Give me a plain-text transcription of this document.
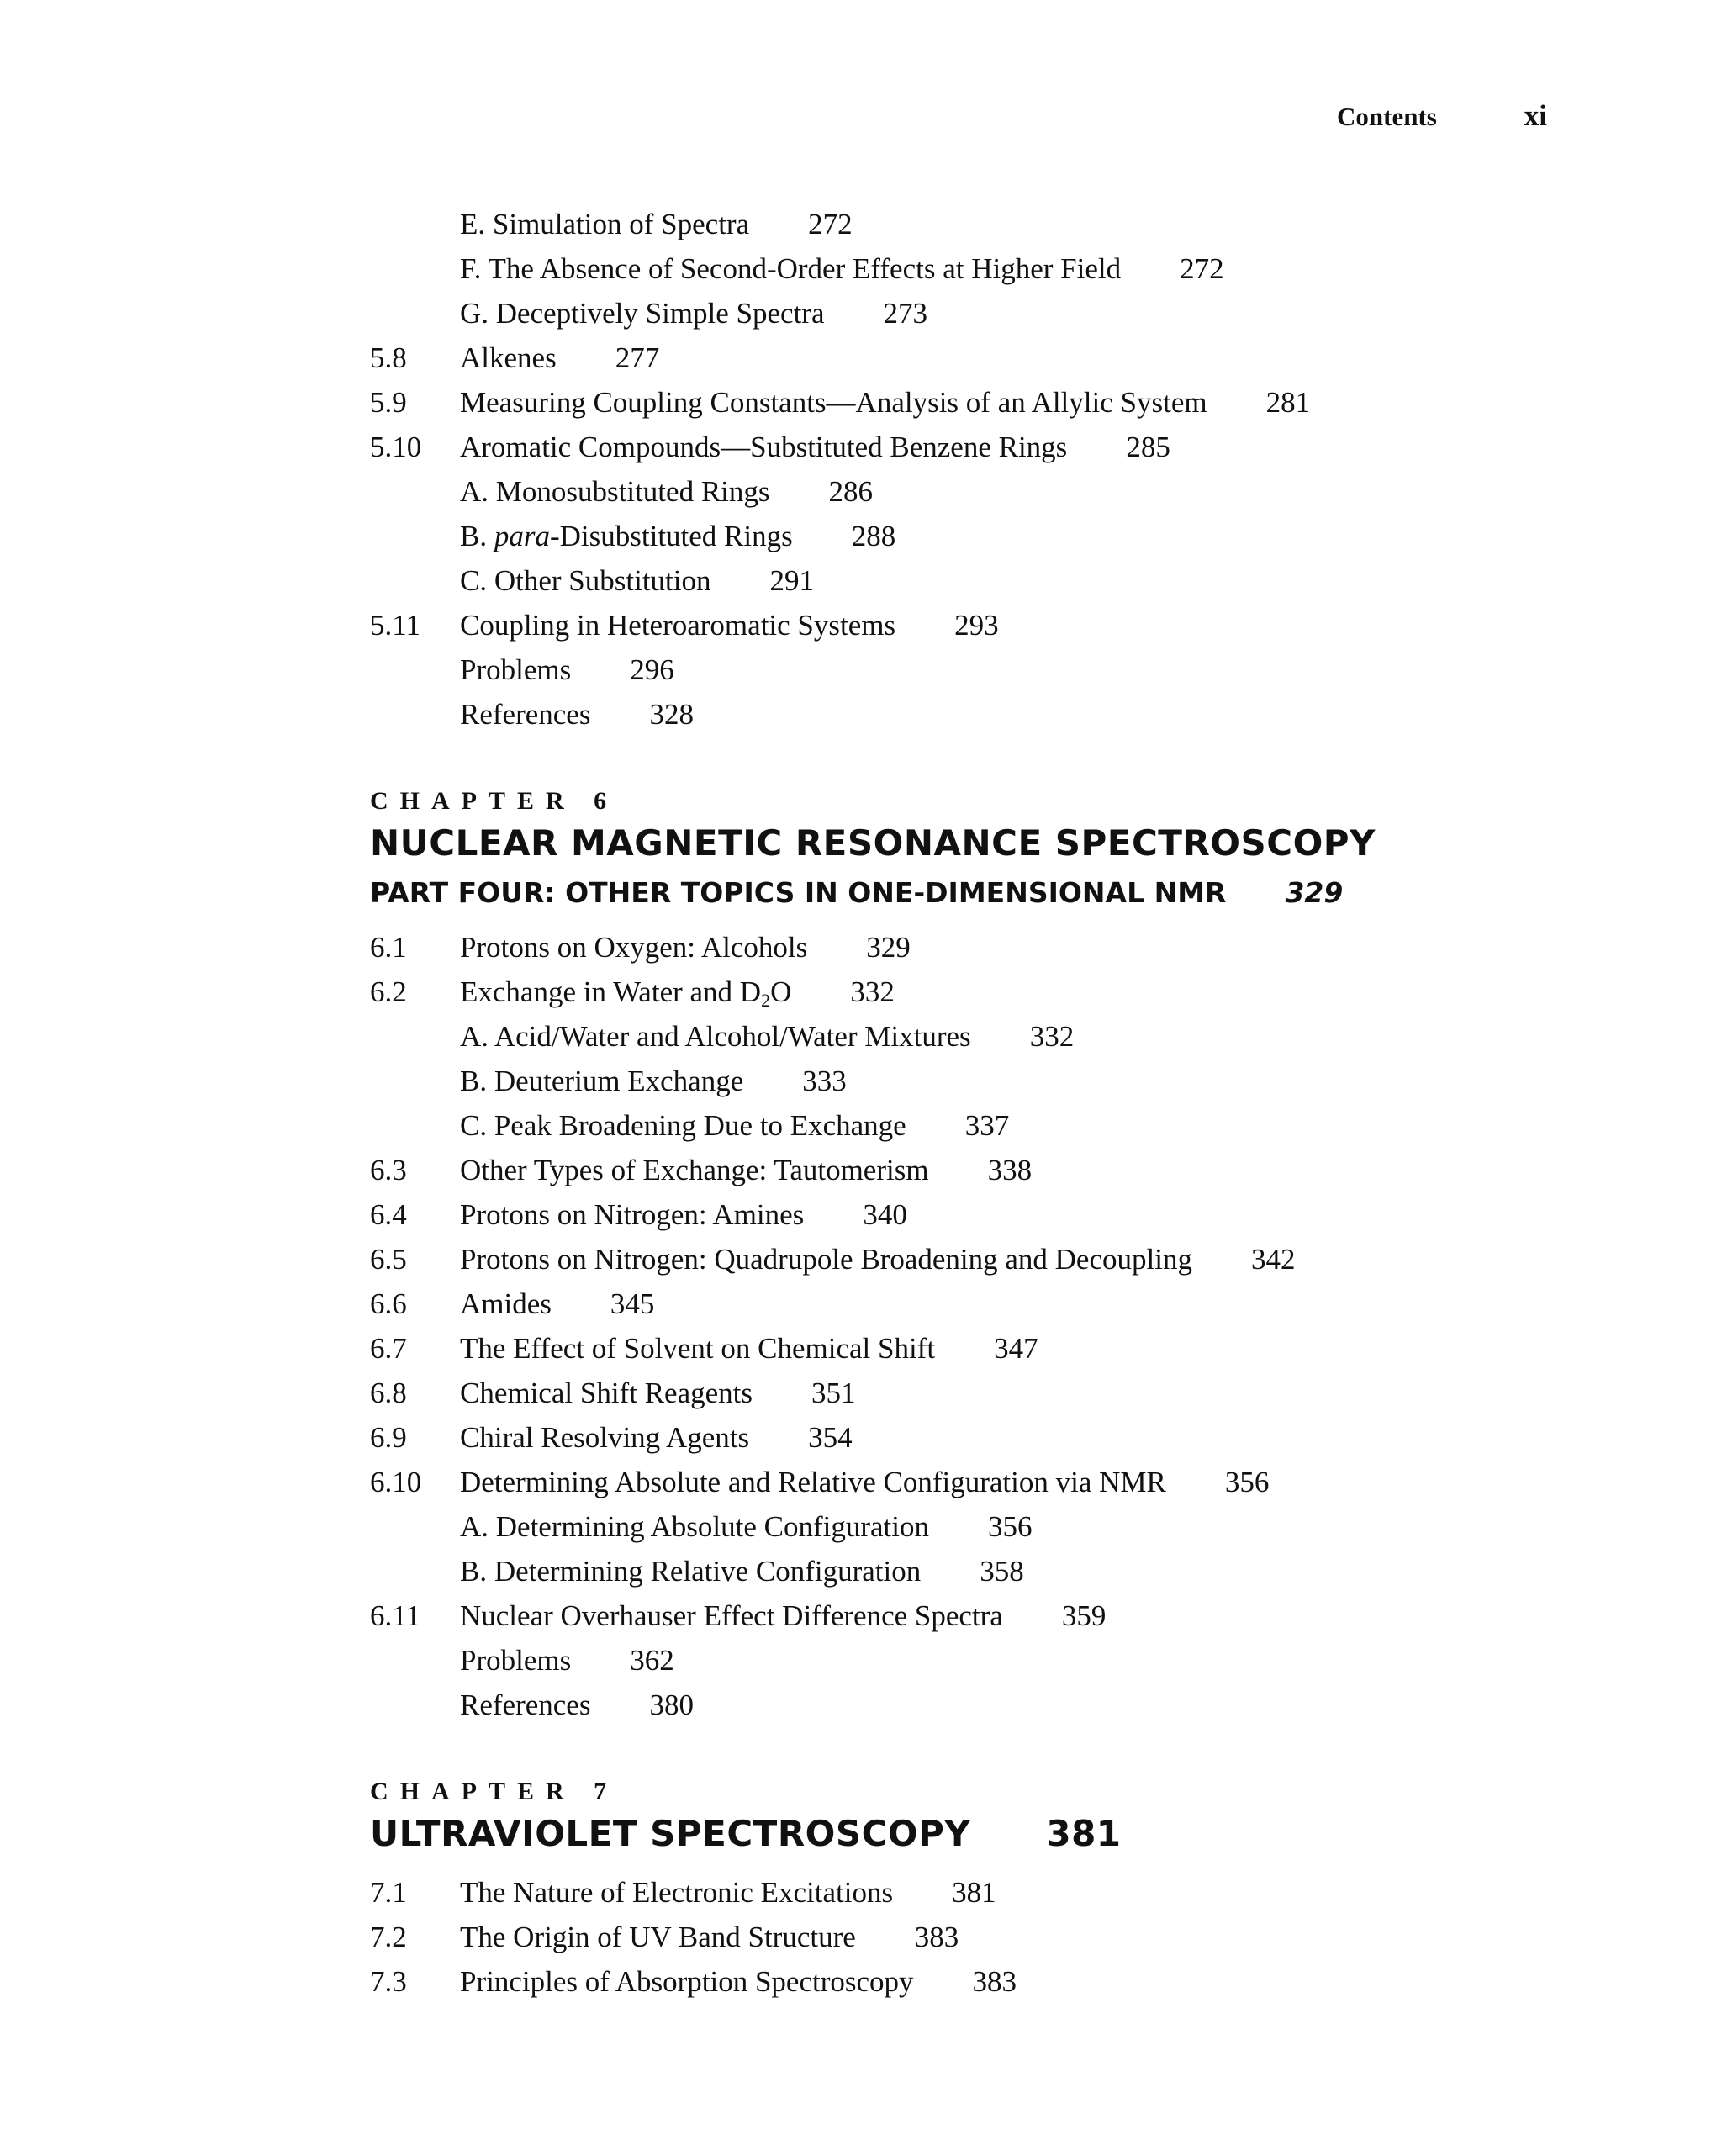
Contents	xi
E. Simulation of Spectra 272
F. The Absence of Second-Order Effects at Higher Field 272
G. Deceptively Simple Spectra 273
5.8 Alkenes 277
5.9 Measuring Coupling Constants—Analysis of an Allylic System 281
5.10 Aromatic Compounds—Substituted Benzene Rings 285
A. Monosubstituted Rings 286
B. para-Disubstituted Rings 288
C. Other Substitution 291
5.11 Coupling in Heteroaromatic Systems 293
Problems 296
References 328
CHAPTER 6
NUCLEAR MAGNETIC RESONANCE SPECTROSCOPY
PART FOUR: OTHER TOPICS IN ONE-DIMENSIONAL NMR 329
6.1 Protons on Oxygen: Alcohols 329
6.2 Exchange in Water and $D_2O$ 332
A. Acid/Water and Alcohol/Water Mixtures 332
B. Deuterium Exchange 333
C. Peak Broadening Due to Exchange 337
6.3 Other Types of Exchange: Tautomerism 338
6.4 Protons on Nitrogen: Amines 340
6.5 Protons on Nitrogen: Quadrupole Broadening and Decoupling 342
6.6 Amides 345
6.7 The Effect of Solvent on Chemical Shift 347
6.8 Chemical Shift Reagents 351
6.9 Chiral Resolving Agents 354
6.10 Determining Absolute and Relative Configuration via NMR 356
A. Determining Absolute Configuration 356
B. Determining Relative Configuration 358
6.11 Nuclear Overhauser Effect Difference Spectra 359
Problems 362
References 380
CHAPTER 7
ULTRAVIOLET SPECTROSCOPY 381
7.1 The Nature of Electronic Excitations 381
7.2 The Origin of UV Band Structure 383
7.3 Principles of Absorption Spectroscopy 383
